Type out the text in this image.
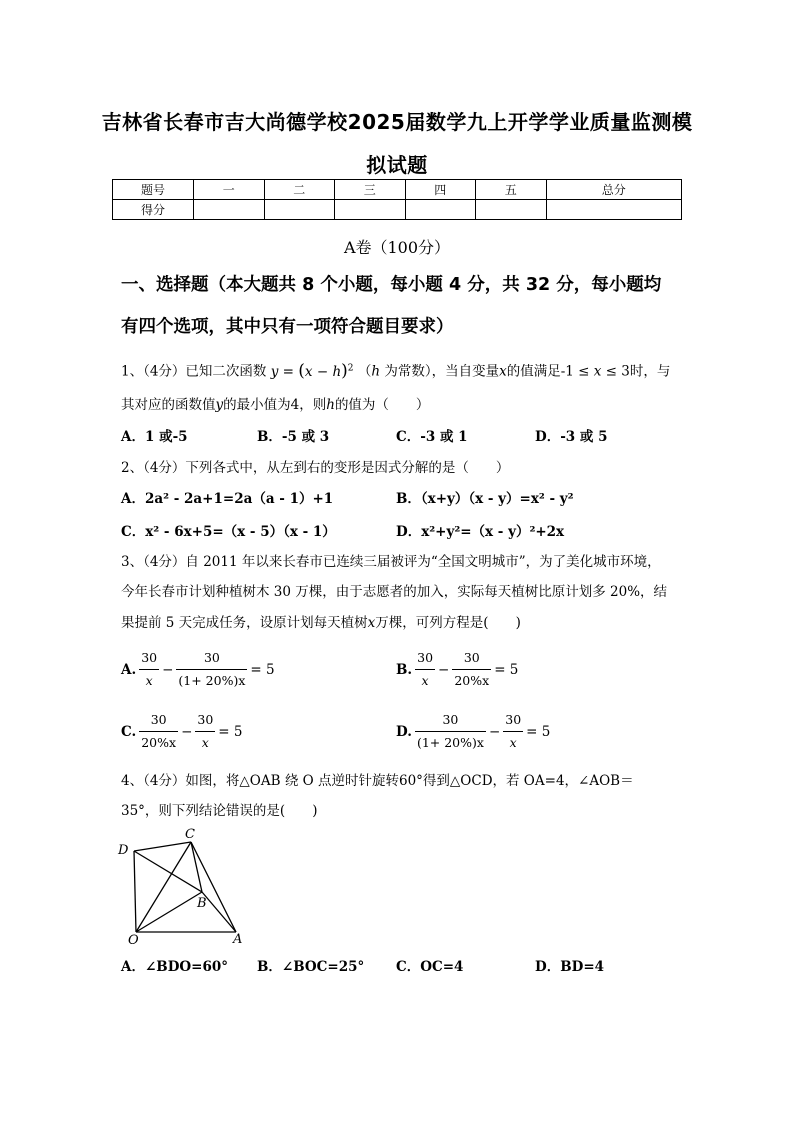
吉林省长春市吉大尚德学校2025届数学九上开学学业质量监测模
拟试题
题号	一	二	三	四	五	总分
得分						
A卷（100分）
一、选择题（本大题共 8 个小题，每小题 4 分，共 32 分，每小题均
有四个选项，其中只有一项符合题目要求）
1、（4分）已知二次函数 $y = (x - h)^2$ （h 为常数），当自变量x的值满足-1 ≤ x ≤ 3时，与
其对应的函数值y的最小值为4，则h的值为（　　）
A．1 或-5	B．-5 或 3	C．-3 或 1	D．-3 或 5
2、（4分）下列各式中，从左到右的变形是因式分解的是（　　）
A．2a² - 2a+1=2a（a - 1）+1	B．（x+y）（x - y）=x² - y²
C．x² - 6x+5=（x - 5）（x - 1）	D．x²+y²=（x - y）²+2x
3、（4分）自 2011 年以来长春市已连续三届被评为“全国文明城市”，为了美化城市环境，
今年长春市计划种植树木 30 万棵，由于志愿者的加入，实际每天植树比原计划多 20%，结
果提前 5 天完成任务，设原计划每天植树x万棵，可列方程是(　　)
A. $\frac{30}{x} - \frac{30}{(1+ 20\%)x} = 5$	B. $\frac{30}{x} - \frac{30}{20\%x} = 5$
C. $\frac{30}{20\%x} - \frac{30}{x} = 5$	D. $\frac{30}{(1+ 20\%)x} - \frac{30}{x} = 5$
4、（4分）如图，将△OAB 绕 O 点逆时针旋转60°得到△OCD，若 OA=4，∠AOB＝
35°，则下列结论错误的是(　　)
C
D
B
O	A
A．∠BDO=60° B．∠BOC=25° C．OC=4	D．BD=4
